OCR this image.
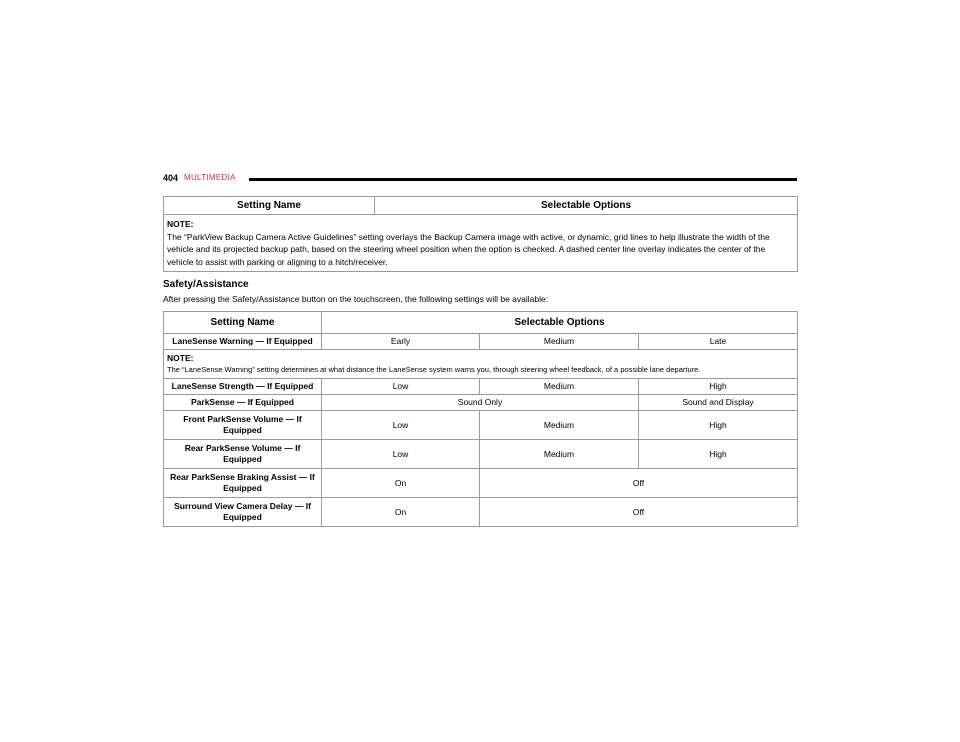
404 MULTIMEDIA
Setting Name	Selectable Options

NOTE:
The “ParkView Backup Camera Active Guidelines” setting overlays the Backup Camera image with active, or dynamic, grid lines to help illustrate the width of the vehicle and its projected backup path, based on the steering wheel position when the option is checked. A dashed center line overlay indicates the center of the vehicle to assist with parking or aligning to a hitch/receiver.
Safety/Assistance
After pressing the Safety/Assistance button on the touchscreen, the following settings will be available:
Setting Name	Selectable Options		
LaneSense Warning — If Equipped	Early	Medium	Late

NOTE:
The “LaneSense Warning” setting determines at what distance the LaneSense system warns you, through steering wheel feedback, of a possible lane departure.			
LaneSense Strength — If Equipped	Low	Medium	High
ParkSense — If Equipped	Sound Only		Sound and Display
Front ParkSense Volume — If Equipped	Low	Medium	High
Rear ParkSense Volume — If Equipped	Low	Medium	High
Rear ParkSense Braking Assist — If Equipped	On	Off	
Surround View Camera Delay — If Equipped	On	Off	
